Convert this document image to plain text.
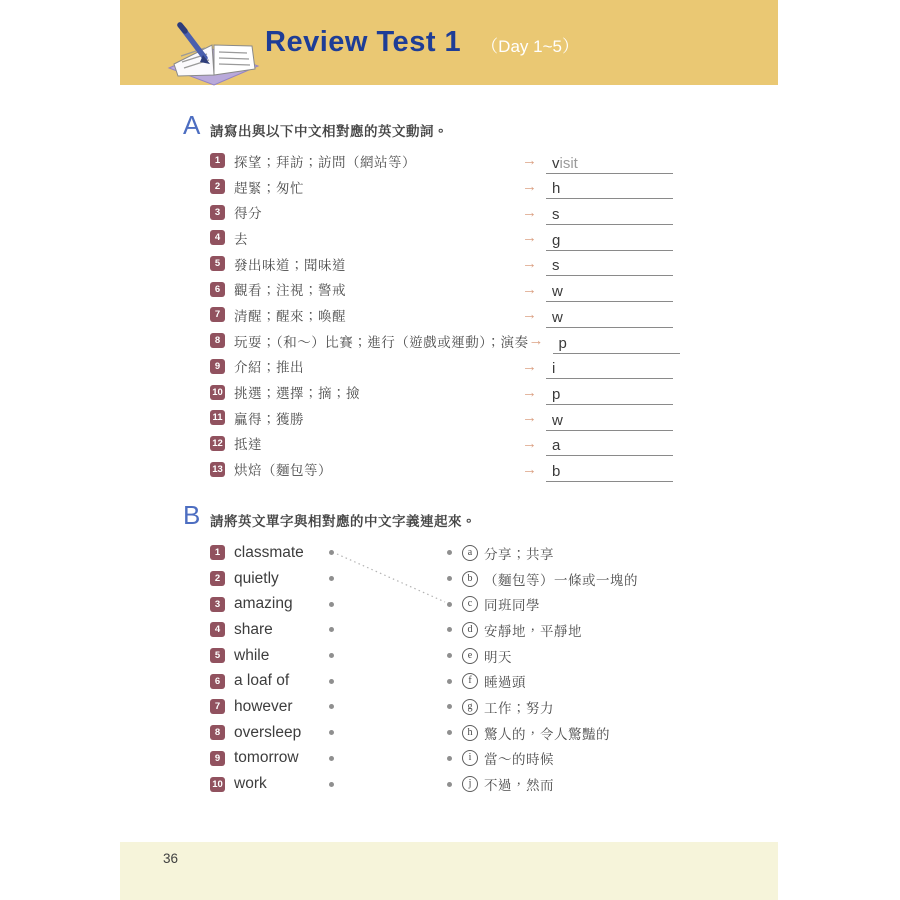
Review Test 1 （Day 1~5）
A 請寫出與以下中文相對應的英文動詞。
1	探望；拜訪；訪問（網站等）	→ v isit
2	趕緊；匆忙	→ h
3	得分	→ s
4	去	→ g
5	發出味道；聞味道	→ s
6	觀看；注視；警戒	→ w
7	清醒；醒來；喚醒	→ w
8	玩耍；（和～）比賽；進行（遊戲或運動）；演奏 → p
9	介紹；推出	→ i
10 挑選；選擇；摘；撿	→ p
11 贏得；獲勝	→ w
12 抵達	→ a
13 烘焙（麵包等）	→ b
B 請將英文單字與相對應的中文字義連起來。
1 classmate
2 quietly
3 amazing
4 share
5 while
6 a loaf of
7 however
8 oversleep
9 tomorrow
10 work
a 分享；共享
b （麵包等）一條或一塊的
c 同班同學
d 安靜地，平靜地
e 明天
f 睡過頭
g 工作；努力
h 驚人的，令人驚豔的
i 當～的時候
j 不過，然而
36
